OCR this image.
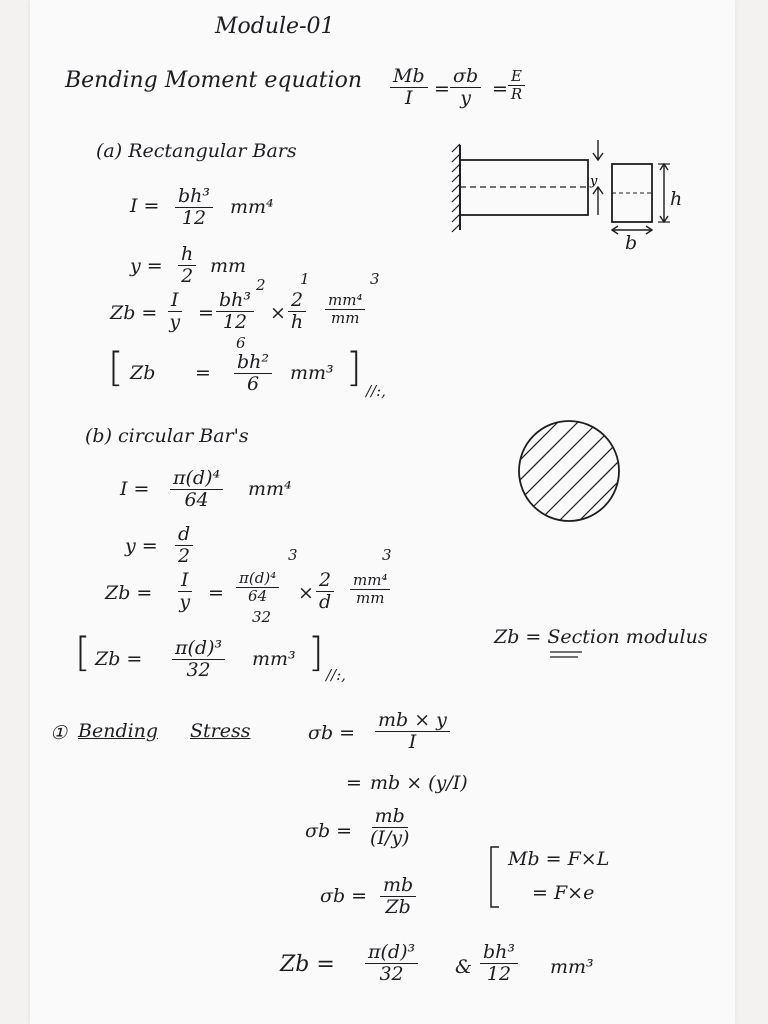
Module-01
Bending Moment equation $\frac{Mb}{I} = \frac{\sigma b}{y} = \frac{E}{R}$
(a) Rectangular Bars
$I = \frac{\text{bh³}}{12} mm^4$
$y = \frac{h}{2}$ mm
$Zb = \frac{I}{y} = \frac{\text{bh³}}{12}$
6
2 1
× $\frac{2}{h} \frac{\text{mm⁴}}{mm}$
3
[ $Zb = \frac{\text{bh²}}{6} mm^3$ ] //:,
y
h
b
(b) circular Bar's
$I = \frac{\text{π(d)⁴}}{64} mm^4$
$y = \frac{d}{2}$
$Zb = \frac{I}{y} = \frac{\text{π(d)⁴}}{64}$
32
3
× $\frac{2}{d} \frac{\text{mm⁴}}{mm}$
3
[ $Zb = \frac{\text{π(d)³}}{32} mm^3$ ] //:,
Zb = Section modulus
① Bending Stress	$\sigma b = \frac{mb \times y}{I}$
= mb × (y/I)
$\sigma b = \frac{mb}{(I/y)}$
$\sigma b = \frac{mb}{Zb}$
Mb = F×L
= F×e
$Zb = \frac{\text{π(d)³}}{32}$ & $\frac{\text{bh³}}{12} mm^3$
